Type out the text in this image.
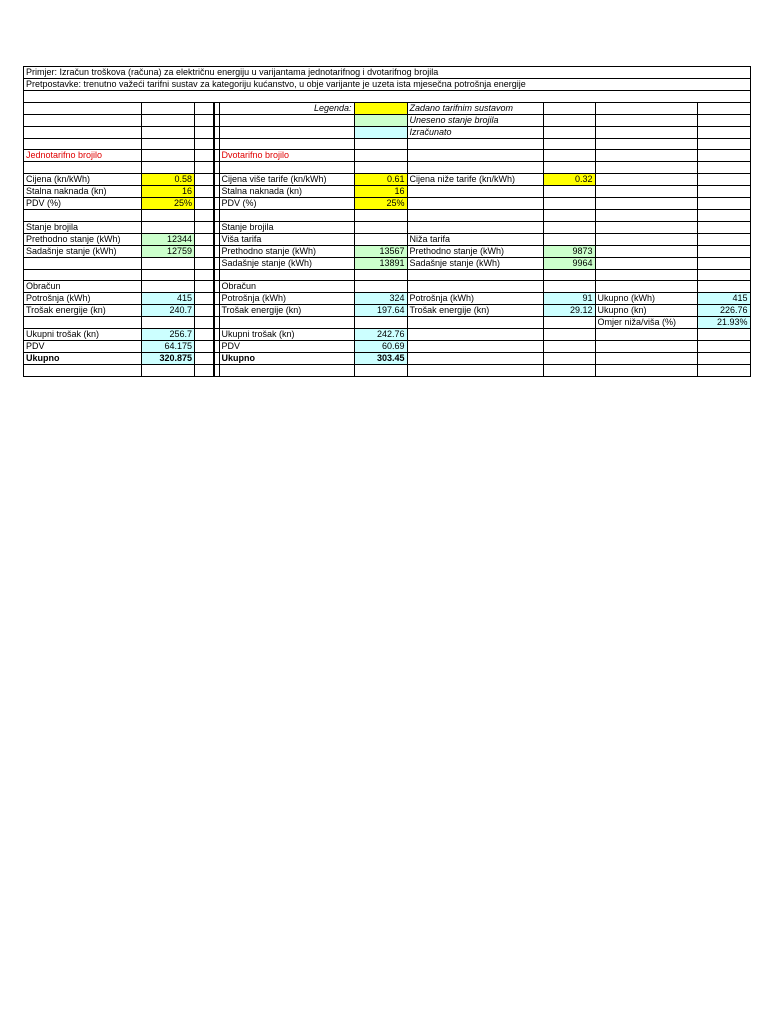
Primjer: Izračun troškova (računa) za električnu energiju u varijantama jednotarifnog i dvotarifnog brojila									
Pretpostavke: trenutno važeći tarifni sustav za kategoriju kućanstvo, u obje varijante je uzeta ista mjesečna potrošnja energije									

				Legenda:		Zadano tarifnim sustavom			
						Uneseno stanje brojila			
						Izračunato			

Jednotarifno brojilo				Dvotarifno brojilo					

Cijena (kn/kWh)	0.58			Cijena više tarife (kn/kWh)	0.61	Cijena niže tarife (kn/kWh)	0.32		
Stalna naknada (kn)	16			Stalna naknada (kn)	16				
PDV (%)	25%			PDV (%)	25%				

Stanje brojila				Stanje brojila					
Prethodno stanje (kWh)	12344			Viša tarifa		Niža tarifa			
Sadašnje stanje (kWh)	12759			Prethodno stanje (kWh)	13567	Prethodno stanje (kWh)	9873		
				Sadašnje stanje (kWh)	13891	Sadašnje stanje (kWh)	9964		

Obračun				Obračun					
Potrošnja (kWh)	415			Potrošnja (kWh)	324	Potrošnja (kWh)	91	Ukupno (kWh)	415
Trošak energije (kn)	240.7			Trošak energije (kn)	197.64	Trošak energije (kn)	29.12	Ukupno (kn)	226.76
								Omjer niža/viša (%)	21.93%
Ukupni trošak (kn)	256.7			Ukupni trošak (kn)	242.76				
PDV	64.175			PDV	60.69				
Ukupno	320.875			Ukupno	303.45				
